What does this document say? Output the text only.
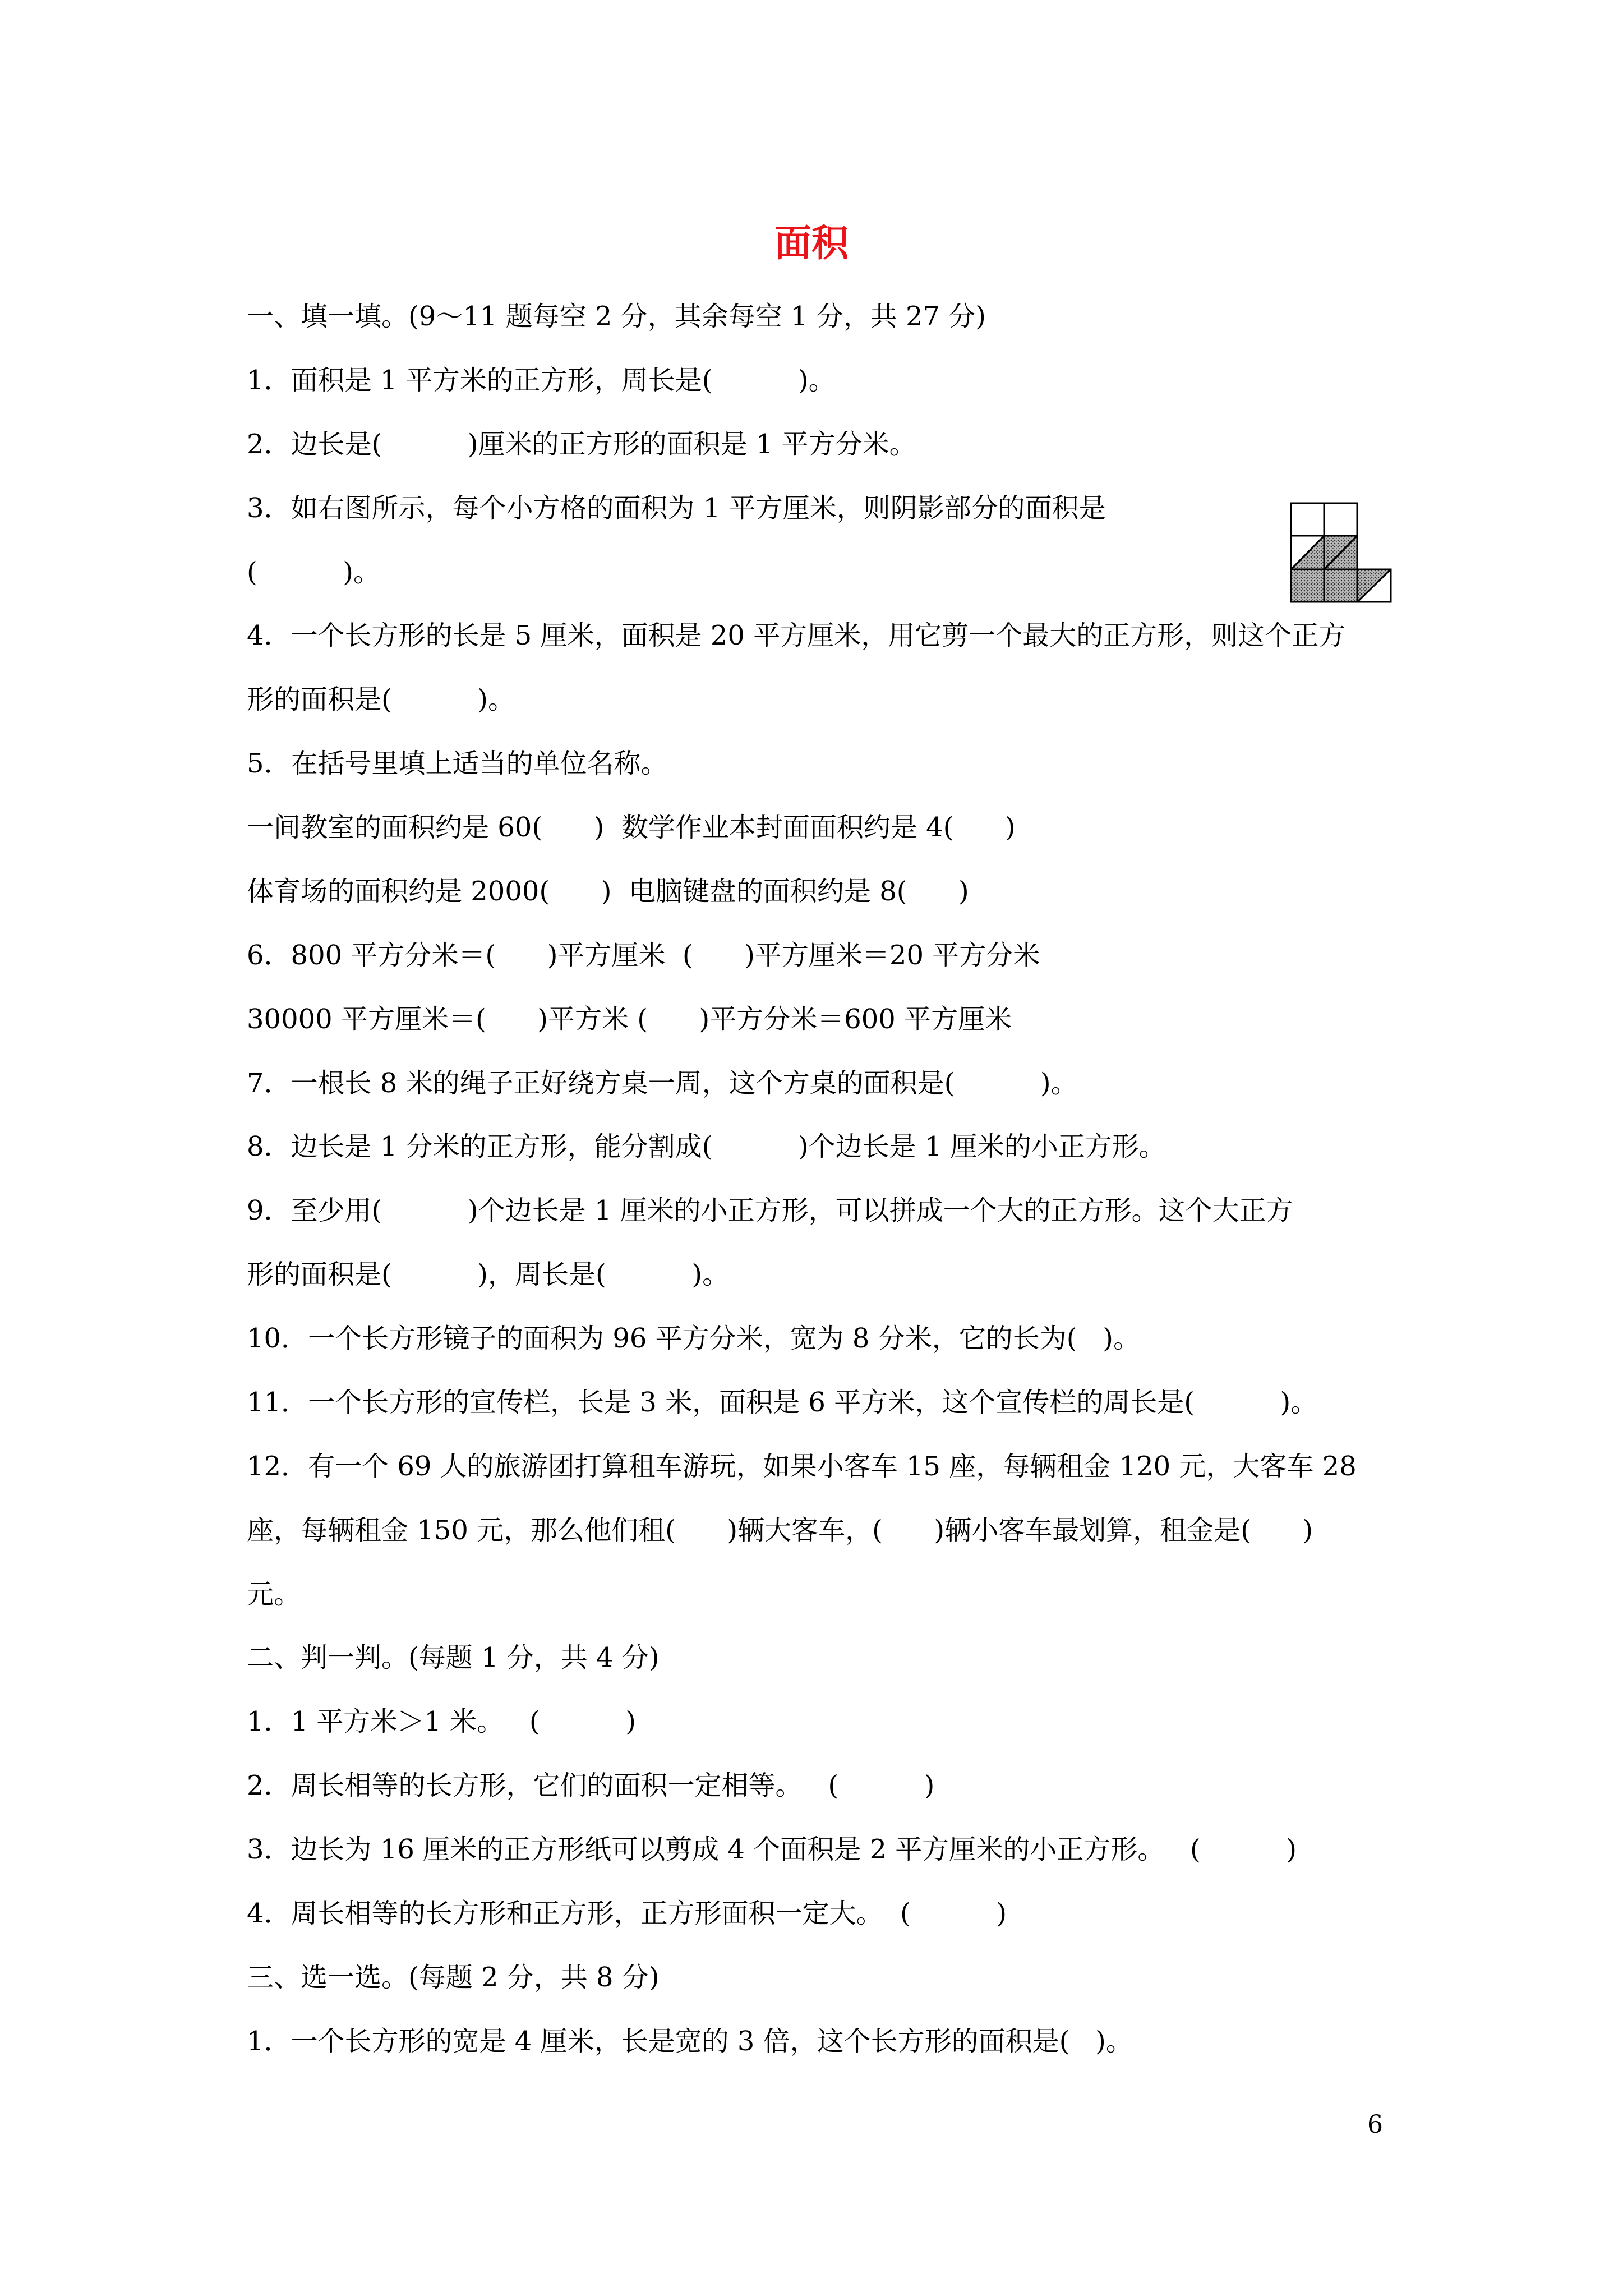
面积
一、填一填。(9～11 题每空 2 分，其余每空 1 分，共 27 分)
1．面积是 1 平方米的正方形，周长是(          )。
2．边长是(          )厘米的正方形的面积是 1 平方分米。
3．如右图所示，每个小方格的面积为 1 平方厘米，则阴影部分的面积是
(          )。
4．一个长方形的长是 5 厘米，面积是 20 平方厘米，用它剪一个最大的正方形，则这个正方
形的面积是(          )。
5．在括号里填上适当的单位名称。
一间教室的面积约是 60(      )  数学作业本封面面积约是 4(      )
体育场的面积约是 2000(      )  电脑键盘的面积约是 8(      )
6．800 平方分米＝(      )平方厘米  (      )平方厘米＝20 平方分米
30000 平方厘米＝(      )平方米 (      )平方分米＝600 平方厘米
7．一根长 8 米的绳子正好绕方桌一周，这个方桌的面积是(          )。
8．边长是 1 分米的正方形，能分割成(          )个边长是 1 厘米的小正方形。
9．至少用(          )个边长是 1 厘米的小正方形，可以拼成一个大的正方形。这个大正方
形的面积是(          )，周长是(          )。
10．一个长方形镜子的面积为 96 平方分米，宽为 8 分米，它的长为(   )。
11．一个长方形的宣传栏，长是 3 米，面积是 6 平方米，这个宣传栏的周长是(          )。
12．有一个 69 人的旅游团打算租车游玩，如果小客车 15 座，每辆租金 120 元，大客车 28
座，每辆租金 150 元，那么他们租(      )辆大客车，(      )辆小客车最划算，租金是(      )
元。
二、判一判。(每题 1 分，共 4 分)
1．1 平方米＞1 米。   (          )
2．周长相等的长方形，它们的面积一定相等。   (          )
3．边长为 16 厘米的正方形纸可以剪成 4 个面积是 2 平方厘米的小正方形。   (          )
4．周长相等的长方形和正方形，正方形面积一定大。  (          )
三、选一选。(每题 2 分，共 8 分)
1．一个长方形的宽是 4 厘米，长是宽的 3 倍，这个长方形的面积是(   )。
6
